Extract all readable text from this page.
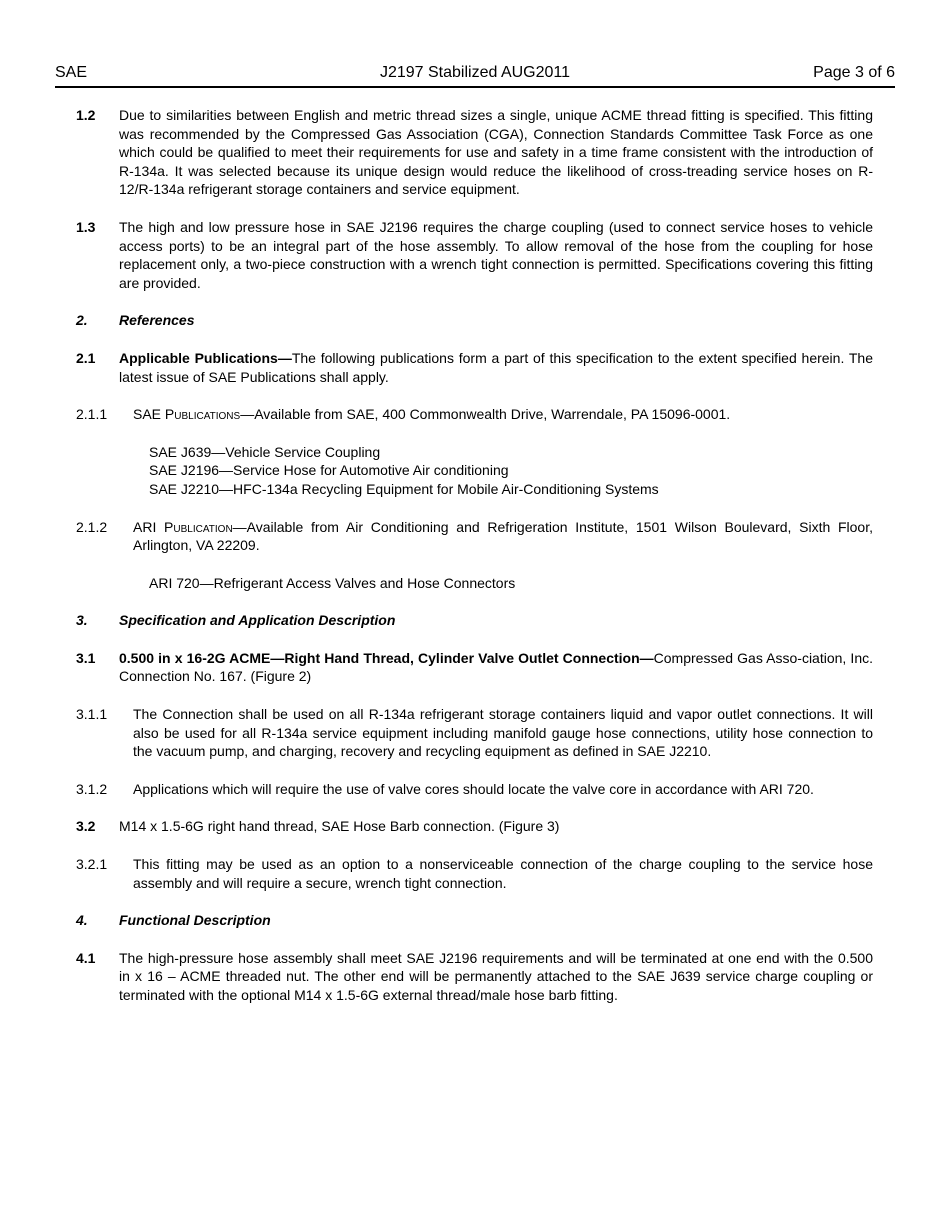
SAE	J2197 Stabilized AUG2011	Page 3 of 6
1.2	Due to similarities between English and metric thread sizes a single, unique ACME thread fitting is specified. This fitting was recommended by the Compressed Gas Association (CGA), Connection Standards Committee Task Force as one which could be qualified to meet their requirements for use and safety in a time frame consistent with the introduction of R-134a. It was selected because its unique design would reduce the likelihood of cross-treading service hoses on R-12/R-134a refrigerant storage containers and service equipment.
1.3	The high and low pressure hose in SAE J2196 requires the charge coupling (used to connect service hoses to vehicle access ports) to be an integral part of the hose assembly. To allow removal of the hose from the coupling for hose replacement only, a two-piece construction with a wrench tight connection is permitted. Specifications covering this fitting are provided.
2.	References
2.1	Applicable Publications—The following publications form a part of this specification to the extent specified herein. The latest issue of SAE Publications shall apply.
2.1.1	SAE Publications—Available from SAE, 400 Commonwealth Drive, Warrendale, PA 15096-0001.
SAE J639—Vehicle Service Coupling
SAE J2196—Service Hose for Automotive Air conditioning
SAE J2210—HFC-134a Recycling Equipment for Mobile Air-Conditioning Systems
2.1.2	ARI Publication—Available from Air Conditioning and Refrigeration Institute, 1501 Wilson Boulevard, Sixth Floor, Arlington, VA 22209.
ARI 720—Refrigerant Access Valves and Hose Connectors
3.	Specification and Application Description
3.1	0.500 in x 16-2G ACME—Right Hand Thread, Cylinder Valve Outlet Connection—Compressed Gas Asso-ciation, Inc. Connection No. 167. (Figure 2)
3.1.1	The Connection shall be used on all R-134a refrigerant storage containers liquid and vapor outlet connections. It will also be used for all R-134a service equipment including manifold gauge hose connections, utility hose connection to the vacuum pump, and charging, recovery and recycling equipment as defined in SAE J2210.
3.1.2	Applications which will require the use of valve cores should locate the valve core in accordance with ARI 720.
3.2	M14 x 1.5-6G right hand thread, SAE Hose Barb connection. (Figure 3)
3.2.1	This fitting may be used as an option to a nonserviceable connection of the charge coupling to the service hose assembly and will require a secure, wrench tight connection.
4.	Functional Description
4.1	The high-pressure hose assembly shall meet SAE J2196 requirements and will be terminated at one end with the 0.500 in x 16 – ACME threaded nut. The other end will be permanently attached to the SAE J639 service charge coupling or terminated with the optional M14 x 1.5-6G external thread/male hose barb fitting.
